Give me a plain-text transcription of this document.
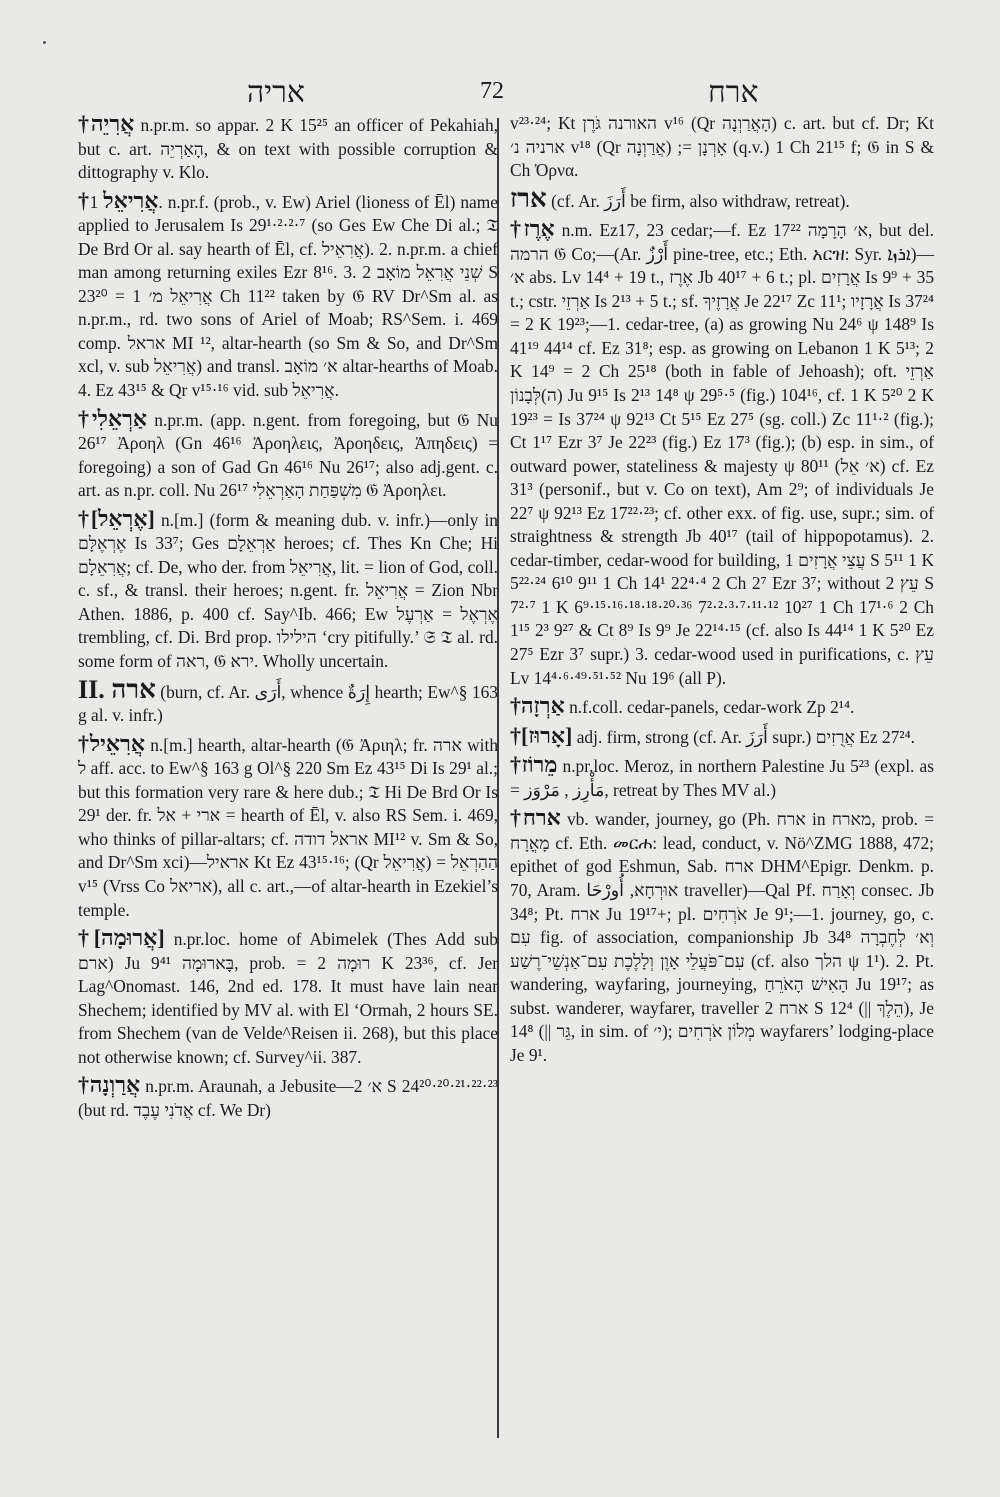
אריה	72	ארח

†אֲרִיֵה n.pr.m. so appar. 2 K 15²⁵ an officer of Pekahiah, but c. art. הָאַרְיֵה, & on text with possible corruption & dittography v. Klo.

† אֲרִיאֵל 1. n.pr.f. (prob., v. Ew) Ariel (lioness of Ēl) name applied to Jerusalem Is 29¹·²·²·⁷ (so Ges Ew Che Di al.; 𝔗 De Brd Or al. say hearth of Ēl, cf. אֲרִאֵיל). 2. n.pr.m. a chief man among returning exiles Ezr 8¹⁶. 3. שְׁנֵי אֲרִאֵל מוֹאָב 2 S 23²⁰ = אֲרִיאֵל מ׳ 1 Ch 11²² taken by 𝔊 RV Dr^Sm al. as n.pr.m., rd. two sons of Ariel of Moab; RS^Sem. i. 469 comp. אראל MI ¹², altar-hearth (so Sm & So, and Dr^Sm xcl, v. sub אֲרִיאֵל) and transl. א׳ מוֹאָב altar-hearths of Moab. 4. Ez 43¹⁵ & Qr v¹⁵·¹⁶ vid. sub אֲרִיאֵל.

†אַרְאֵלִי n.pr.m. (app. n.gent. from foregoing, but 𝔊 Nu 26¹⁷ Ἀροηλ (Gn 46¹⁶ Ἀροηλεις, Ἀροηδεις, Ἀπηδεις) = foregoing) a son of Gad Gn 46¹⁶ Nu 26¹⁷; also adj.gent. c. art. as n.pr. coll. Nu 26¹⁷ מִשְׁפַּחַת הָאַרְאֵלִי 𝔊 Ἀροηλει.

†[אֶרְאֵל] n.[m.] (form & meaning dub. v. infr.)—only in אֶרְאֶלָּם Is 33⁷; Ges אַרְאֵלָם heroes; cf. Thes Kn Che; Hi אֲרִאֵלָם; cf. De, who der. from אֲרִיאֵל, lit. = lion of God, coll. c. sf., & transl. their heroes; n.gent. fr. אֲרִיאֵל = Zion Nbr Athen. 1886, p. 400 cf. Say^Ib. 466; Ew אֶרְאֶל = אַרְעֶל trembling, cf. Di. Brd prop. הילילו ‘cry pitifully.’ 𝔖 𝔗 al. rd. some form of ראה, 𝔊 ירא. Wholly uncertain.

II. ארה (burn, cf. Ar. أَرَى, whence إِرَةٌ hearth; Ew^§ 163 g al. v. infr.)

†אֲרִאֵיל n.[m.] hearth, altar-hearth (𝔊 Ἀριηλ; fr. ארה with ל aff. acc. to Ew^§ 163 g Ol^§ 220 Sm Ez 43¹⁵ Di Is 29¹ al.; but this formation very rare & here dub.; 𝔗 Hi De Brd Or Is 29¹ der. fr. ארי + אל = hearth of Ēl, v. also RS Sem. i. 469, who thinks of pillar-altars; cf. אראל דודה MI¹² v. Sm & So, and Dr^Sm xci)—אראיל Kt Ez 43¹⁵·¹⁶; (Qr אֲרִיאֵל) = הַהַרְאֵל v¹⁵ (Vrss Co אריאל), all c. art.,—of altar-hearth in Ezekiel’s temple.

†[אֲרוּמָה] n.pr.loc. home of Abimelek (Thes Add sub ארם) Ju 9⁴¹ בָּארוּמָה, prob. = רוּמָה 2 K 23³⁶, cf. Jer Lag^Onomast. 146, 2nd ed. 178. It must have lain near Shechem; identified by MV al. with El ‘Ormah, 2 hours SE. from Shechem (van de Velde^Reisen ii. 268), but this place not otherwise known; cf. Survey^ii. 387.

†אֲרַוְנָה n.pr.m. Araunah, a Jebusite—א׳ 2 S 24²⁰·²⁰·²¹·²²·²³ (but rd. אֲדֹנִי עֶבֶד cf. We Dr)

v²³·²⁴; Kt האורנה גֹּרֶן v¹⁶ (Qr הָאֲרַוְנָה) c. art. but cf. Dr; Kt ארניה נ׳ v¹⁸ (Qr אֲרַוְנָה) ;= אָרְנָן (q.v.) 1 Ch 21¹⁵ f; 𝔊 in S & Ch Ὀρνα.

ארז (cf. Ar. أَرَزَ be firm, also withdraw, retreat).

†אֶרֶז n.m. Ez17, 23 cedar;—f. Ez 17²² א׳ הָרָמָה, but del. הרמה 𝔊 Co;—(Ar. أَرْزٌ pine-tree, etc.; Eth. አርዝ: Syr. ܐܪܙܐ)—א׳ abs. Lv 14⁴ + 19 t., אֶרֶז Jb 40¹⁷ + 6 t.; pl. אֲרָזִים Is 9⁹ + 35 t.; cstr. אַרְזֵי Is 2¹³ + 5 t.; sf. אֲרָזֶיךָ Je 22¹⁷ Zc 11¹; אֲרָזָיו Is 37²⁴ = 2 K 19²³;—1. cedar-tree, (a) as growing Nu 24⁶ ψ 148⁹ Is 41¹⁹ 44¹⁴ cf. Ez 31⁸; esp. as growing on Lebanon 1 K 5¹³; 2 K 14⁹ = 2 Ch 25¹⁸ (both in fable of Jehoash); oft. אַרְזֵי (ה)לְּבָנוֹן Ju 9¹⁵ Is 2¹³ 14⁸ ψ 29⁵·⁵ (fig.) 104¹⁶, cf. 1 K 5²⁰ 2 K 19²³ = Is 37²⁴ ψ 92¹³ Ct 5¹⁵ Ez 27⁵ (sg. coll.) Zc 11¹·² (fig.); Ct 1¹⁷ Ezr 3⁷ Je 22²³ (fig.) Ez 17³ (fig.); (b) esp. in sim., of outward power, stateliness & majesty ψ 80¹¹ (א׳ אֵל) cf. Ez 31³ (personif., but v. Co on text), Am 2⁹; of individuals Je 22⁷ ψ 92¹³ Ez 17²²·²³; cf. other exx. of fig. use, supr.; sim. of straightness & strength Jb 40¹⁷ (tail of hippopotamus). 2. cedar-timber, cedar-wood for building, עֲצֵי אֲרָזִים 1 S 5¹¹ 1 K 5²²·²⁴ 6¹⁰ 9¹¹ 1 Ch 14¹ 22⁴·⁴ 2 Ch 2⁷ Ezr 3⁷; without עֵץ 2 S 7²·⁷ 1 K 6⁹·¹⁵·¹⁶·¹⁸·¹⁸·²⁰·³⁶ 7²·²·³·⁷·¹¹·¹² 10²⁷ 1 Ch 17¹·⁶ 2 Ch 1¹⁵ 2³ 9²⁷ & Ct 8⁹ Is 9⁹ Je 22¹⁴·¹⁵ (cf. also Is 44¹⁴ 1 K 5²⁰ Ez 27⁵ Ezr 3⁷ supr.) 3. cedar-wood used in purifications, c. עֵץ Lv 14⁴·⁶·⁴⁹·⁵¹·⁵² Nu 19⁶ (all P).

†אַרְזָה n.f.coll. cedar-panels, cedar-work Zp 2¹⁴.

†[אָרוּז] adj. firm, strong (cf. Ar. أَرَزَ supr.) אֲרֻזִים Ez 27²⁴.

†מֵרוֹז n.pr.loc. Meroz, in northern Palestine Ju 5²³ (expl. as = مَأْرِز , مَرْوَز, retreat by Thes MV al.)

†ארח vb. wander, journey, go (Ph. ארח in מארח, prob. = מָאֳרָח cf. Eth. መርሐ: lead, conduct, v. Nö^ZMG 1888, 472; epithet of god Eshmun, Sab. ארח DHM^Epigr. Denkm. p. 70, Aram. אוּרְחָא, أُورْحَا traveller)—Qal Pf. וְאָרַח consec. Jb 34⁸; Pt. ארח Ju 19¹⁷+; pl. אֹרְחִים Je 9¹;—1. journey, go, c. עִם fig. of association, companionship Jb 34⁸ וְא׳ לְחֶבְרָה עִם־פֹּעֲלֵי אָוֶן וְלָלֶכֶת עִם־אַנְשֵׁי־רֶשַׁע (cf. also הלך ψ 1¹). 2. Pt. wandering, wayfaring, journeying, הָאִישׁ הָאֹרֵחַ Ju 19¹⁷; as subst. wanderer, wayfarer, traveller ארח 2 S 12⁴ (|| הֵלֶךְ), Je 14⁸ (|| גֵּר, in sim. of י׳); מְלוֹן אֹרְחִים wayfarers’ lodging-place Je 9¹.
